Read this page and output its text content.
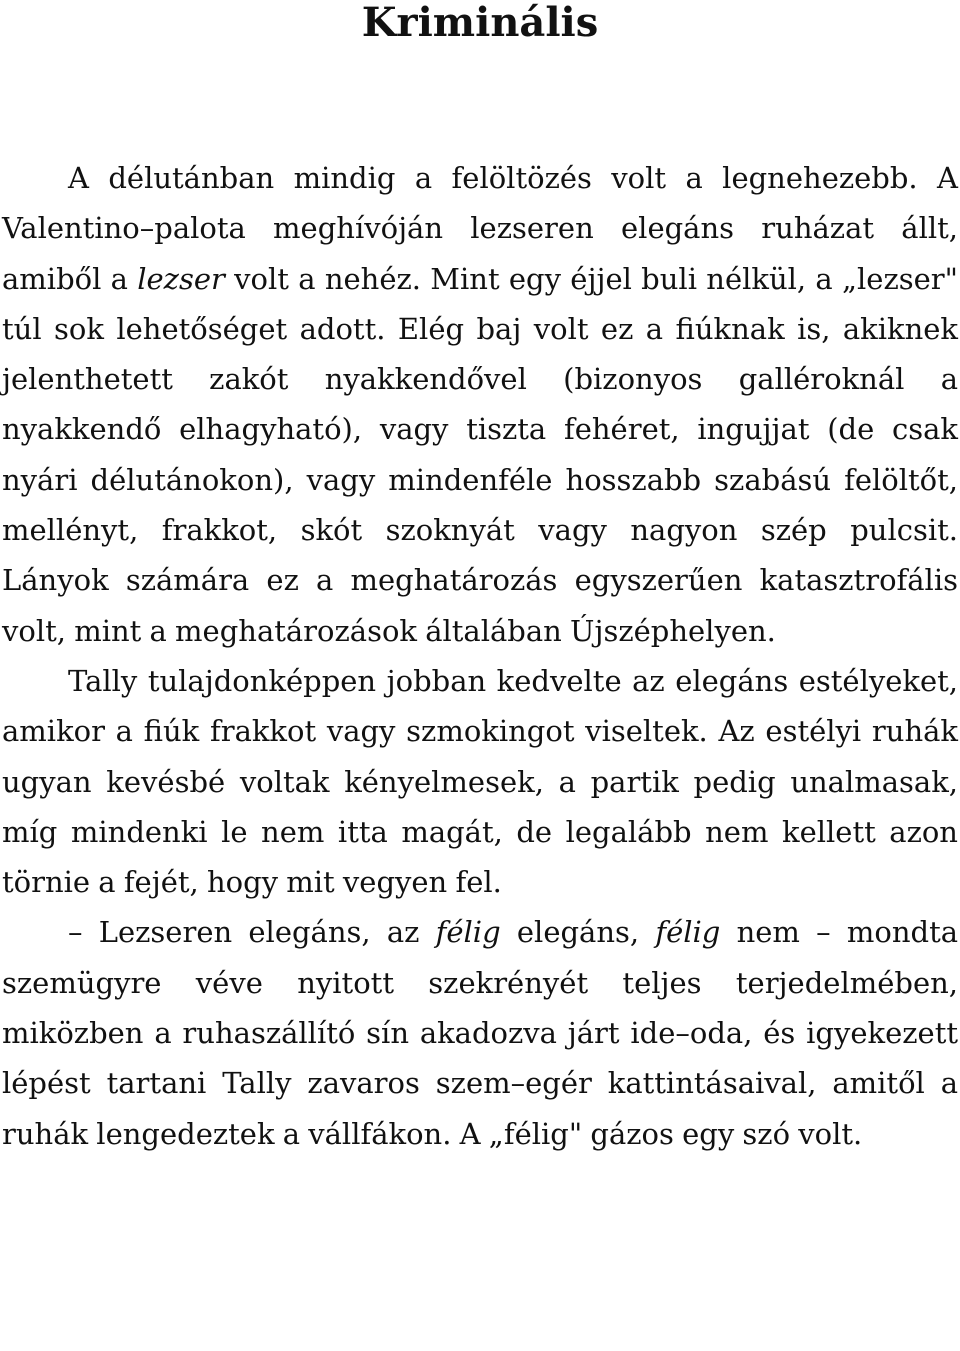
Kriminális

A délutánban mindig a felöltözés volt a legnehezebb. A Valentino–palota meghívóján lezseren elegáns ruházat állt, amiből a lezser volt a nehéz. Mint egy éjjel buli nélkül, a „lezser" túl sok lehetőséget adott. Elég baj volt ez a fiúknak is, akiknek jelenthetett zakót nyakkendővel (bizonyos galléroknál a nyakkendő elhagyható), vagy tiszta fehéret, ingujjat (de csak nyári délutánokon), vagy mindenféle hosszabb szabású felöltőt, mellényt, frakkot, skót szoknyát vagy nagyon szép pulcsit. Lányok számára ez a meghatározás egyszerűen katasztrofális volt, mint a meghatározások általában Újszéphelyen.

Tally tulajdonképpen jobban kedvelte az elegáns estélyeket, amikor a fiúk frakkot vagy szmokingot viseltek. Az estélyi ruhák ugyan kevésbé voltak kényelmesek, a partik pedig unalmasak, míg mindenki le nem itta magát, de legalább nem kellett azon törnie a fejét, hogy mit vegyen fel.

– Lezseren elegáns, az félig elegáns, félig nem – mondta szemügyre véve nyitott szekrényét teljes terjedelmében, miközben a ruhaszállító sín akadozva járt ide–oda, és igyekezett lépést tartani Tally zavaros szem–egér kattintásaival, amitől a ruhák lengedeztek a vállfákon. A „félig" gázos egy szó volt.
